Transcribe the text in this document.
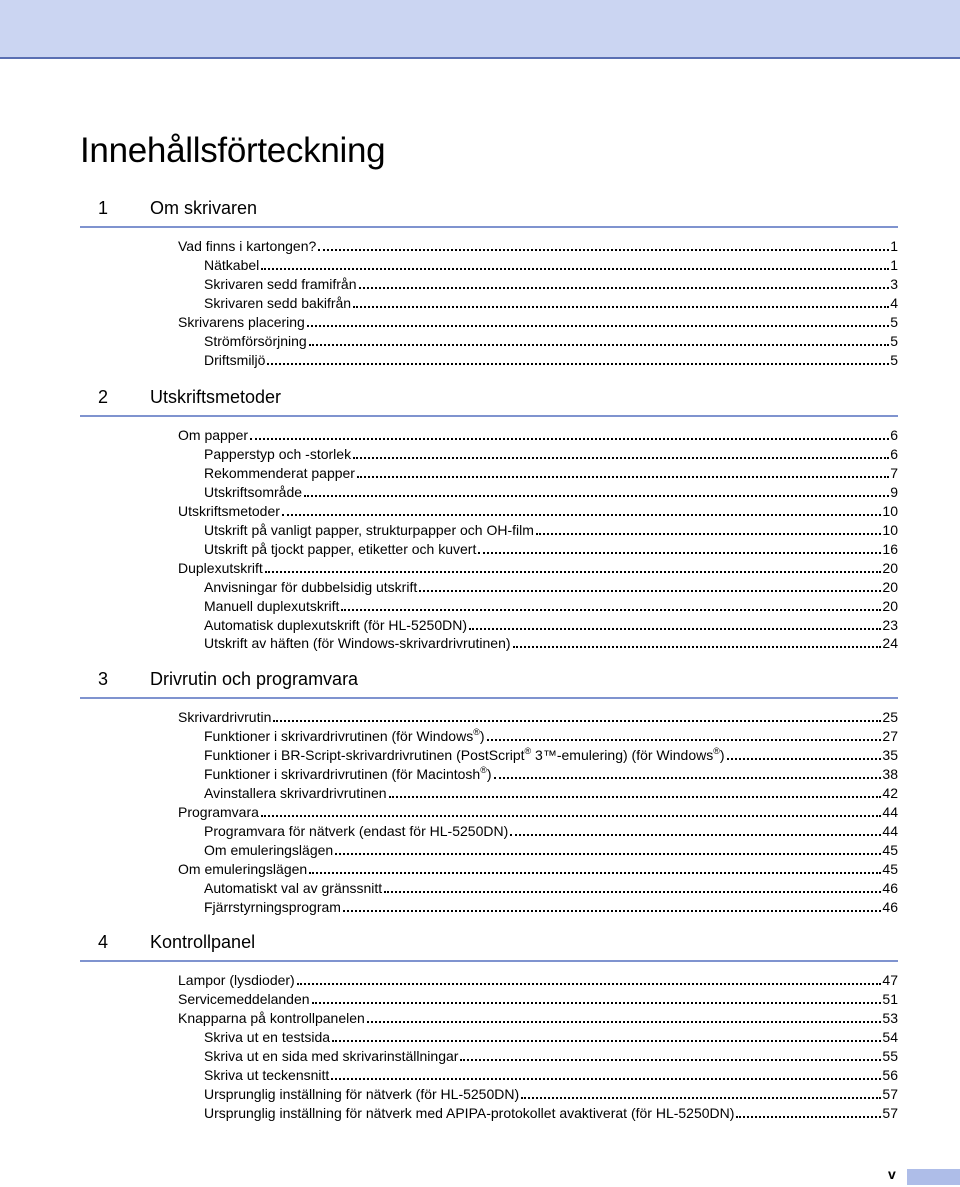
Innehållsförteckning
1 Om skrivaren
Vad finns i kartongen?	1
Nätkabel	1
Skrivaren sedd framifrån	3
Skrivaren sedd bakifrån	4
Skrivarens placering	5
Strömförsörjning	5
Driftsmiljö	5
2 Utskriftsmetoder
Om papper	6
Papperstyp och -storlek	6
Rekommenderat papper	7
Utskriftsområde	9
Utskriftsmetoder	10
Utskrift på vanligt papper, strukturpapper och OH-film	10
Utskrift på tjockt papper, etiketter och kuvert	16
Duplexutskrift	20
Anvisningar för dubbelsidig utskrift	20
Manuell duplexutskrift	20
Automatisk duplexutskrift (för HL-5250DN)	23
Utskrift av häften (för Windows-skrivardrivrutinen)	24
3 Drivrutin och programvara
Skrivardrivrutin	25
Funktioner i skrivardrivrutinen (för Windows®)	27
Funktioner i BR-Script-skrivardrivrutinen (PostScript® 3™-emulering) (för Windows®)	35
Funktioner i skrivardrivrutinen (för Macintosh®)	38
Avinstallera skrivardrivrutinen	42
Programvara	44
Programvara för nätverk (endast för HL-5250DN)	44
Om emuleringslägen	45
Om emuleringslägen	45
Automatiskt val av gränssnitt	46
Fjärrstyrningsprogram	46
4 Kontrollpanel
Lampor (lysdioder)	47
Servicemeddelanden	51
Knapparna på kontrollpanelen	53
Skriva ut en testsida	54
Skriva ut en sida med skrivarinställningar	55
Skriva ut teckensnitt	56
Ursprunglig inställning för nätverk (för HL-5250DN)	57
Ursprunglig inställning för nätverk med APIPA-protokollet avaktiverat (för HL-5250DN)	57
v
